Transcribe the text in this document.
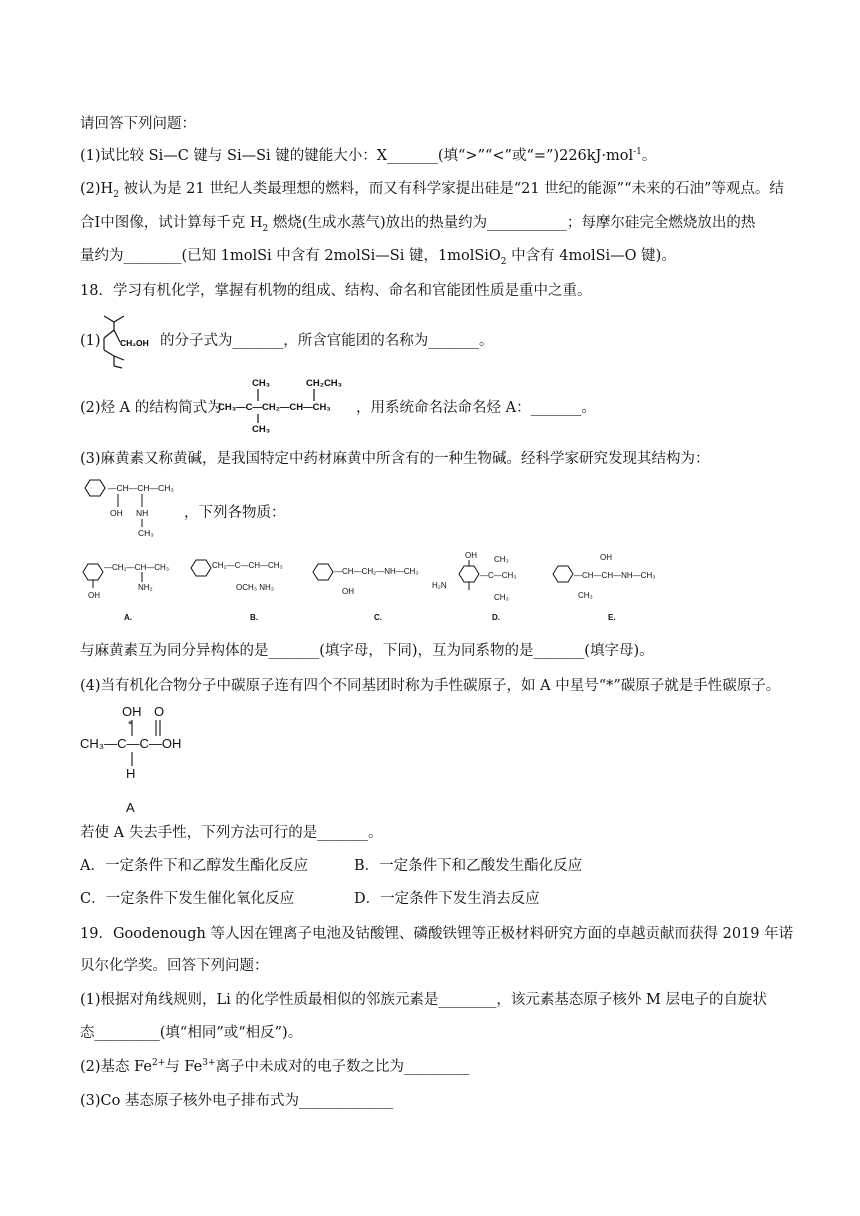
请回答下列问题：
(1)试比较 Si—C 键与 Si—Si 键的键能大小：X_______(填“>”“<”或“=”)226kJ·mol$^{-1}$。
$(2)H_2$ 被认为是 21 世纪人类最理想的燃料，而又有科学家提出硅是“21 世纪的能源”“未来的石油”等观点。结
合Ⅰ中图像，试计算每千克 $H_2$ 燃烧(生成水蒸气)放出的热量约为___________；每摩尔硅完全燃烧放出的热
量约为________(已知 1molSi 中含有 2molSi—Si 键，1molSiO$_2$ 中含有 4molSi—O 键)。
18．学习有机化学，掌握有机物的组成、结构、命名和官能团性质是重中之重。
(1) CH₂OH 的分子式为_______，所含官能团的名称为_______。
(2)烃 A 的结构简式为
CH₃	CH₂CH₃
CH₃—C—CH₂—CH—CH₃
CH₃
，用系统命名法命名烃 A：_______。
(3)麻黄素又称黄碱，是我国特定中药材麻黄中所含有的一种生物碱。经科学家研究发现其结构为：
—CH—CH—CH₃
OH NH
CH₃
，下列各物质：
—CH₂—CH—CH₃
NH₂
OH
CH₂—C—CH—CH₃
OCH₃ NH₂
—CH—CH₂—NH—CH₃
OH
OH
H₂N
—C—CH₃
CH₃
CH₃
—CH—CH—NH—CH₃
OH
CH₃
A.	B.	C.	D.	E.
与麻黄素互为同分异构体的是_______(填字母，下同)，互为同系物的是_______(填字母)。
(4)当有机化合物分子中碳原子连有四个不同基团时称为手性碳原子，如 A 中星号“*”碳原子就是手性碳原子。
OH O
*
CH₃—C—C—OH
H
A
若使 A 失去手性，下列方法可行的是_______。
A．一定条件下和乙醇发生酯化反应	B．一定条件下和乙酸发生酯化反应
C．一定条件下发生催化氧化反应	D．一定条件下发生消去反应
19．Goodenough 等人因在锂离子电池及钴酸锂、磷酸铁锂等正极材料研究方面的卓越贡献而获得 2019 年诺
贝尔化学奖。回答下列问题：
(1)根据对角线规则，Li 的化学性质最相似的邻族元素是________，该元素基态原子核外 M 层电子的自旋状
态_________(填“相同”或“相反”)。
(2)基态 $Fe^{2+}$与 $Fe^{3+}$离子中未成对的电子数之比为_________
(3)Co 基态原子核外电子排布式为_____________
